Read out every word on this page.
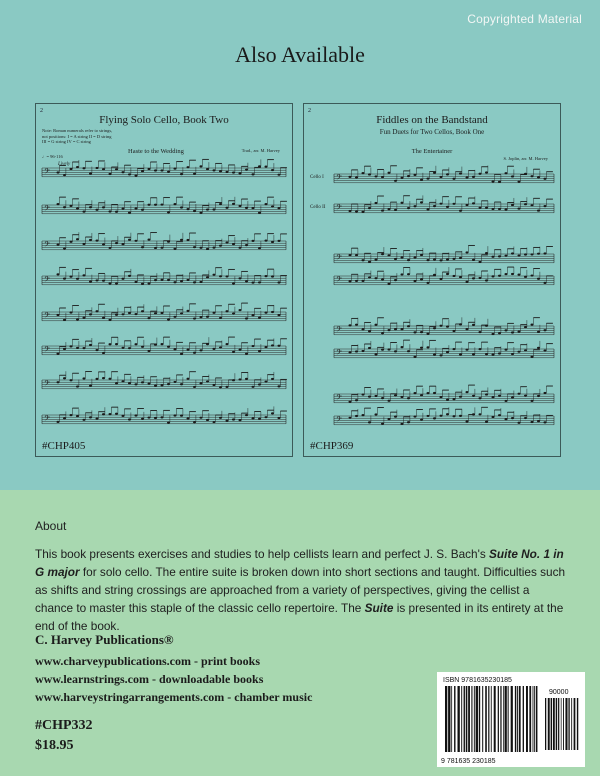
Copyrighted Material
Also Available
2
Flying Solo Cello, Book Two
Note: Roman numerals refer to strings,
not positions: I = A string II = D string
III = G string IV = C string
Haste to the Wedding	Trad., arr. M. Harvey
♩= 96-116
Lively
𝄢
𝄢
𝄢
𝄢
𝄢
𝄢
𝄢
𝄢
#CHP405
2
Fiddles on the Bandstand
Fun Duets for Two Cellos, Book One
The Entertainer
S. Joplin, arr. M. Harvey
Cello I
Cello II
𝄢
𝄢
𝄢
𝄢
𝄢
𝄢
𝄢
𝄢
#CHP369
About

This book presents exercises and studies to help cellists learn and perfect J. S. Bach's Suite No. 1 in G major for solo cello. The entire suite is broken down into short sections and taught. Difficulties such as shifts and string crossings are approached from a variety of perspectives, giving the cellist a chance to master this staple of the classic cello repertoire. The Suite is presented in its entirety at the end of the book.

C. Harvey Publications®
www.charveypublications.com - print books
www.learnstrings.com - downloadable books
www.harveystringarrangements.com - chamber music
#CHP332
$18.95
ISBN 9781635230185
90000
9 781635 230185
